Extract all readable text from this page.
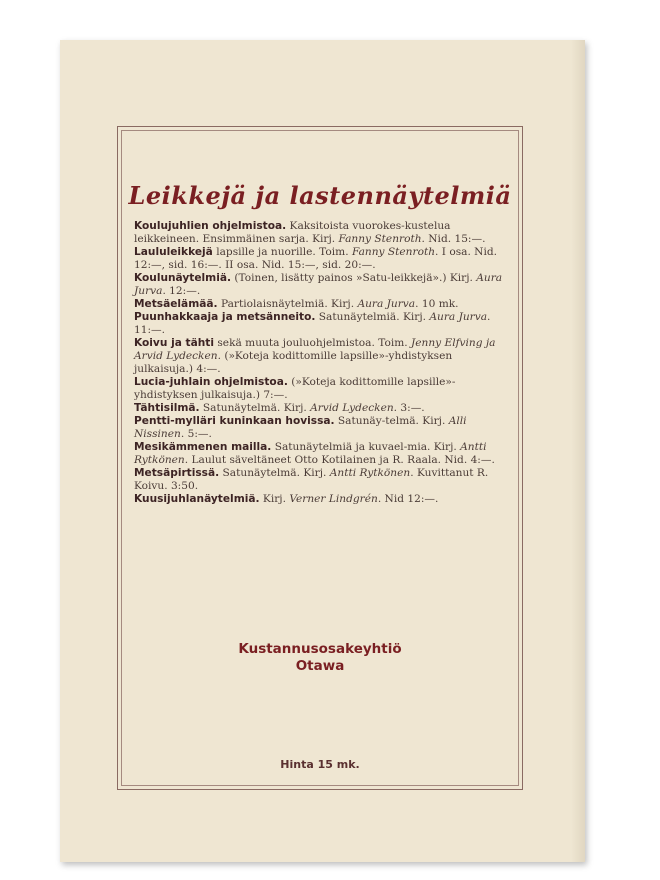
Leikkejä ja lastennäytelmiä
Koulujuhlien ohjelmistoa. Kaksitoista vuorokes-kustelua leikkeineen. Ensimmäinen sarja. Kirj. Fanny Stenroth. Nid. 15:—.
Laululeikkejä lapsille ja nuorille. Toim. Fanny Stenroth. I osa. Nid. 12:—, sid. 16:—. II osa. Nid. 15:—, sid. 20:—.
Koulunäytelmiä. (Toinen, lisätty painos »Satu-leikkejä».) Kirj. Aura Jurva. 12:—.
Metsäelämää. Partiolaisnäytelmiä. Kirj. Aura Jurva. 10 mk.
Puunhakkaaja ja metsänneito. Satunäytelmiä. Kirj. Aura Jurva. 11:—.
Koivu ja tähti sekä muuta jouluohjelmistoa. Toim. Jenny Elfving ja Arvid Lydecken. (»Koteja kodittomille lapsille»-yhdistyksen julkaisuja.) 4:—.
Lucia-juhlain ohjelmistoa. (»Koteja kodittomille lapsille»-yhdistyksen julkaisuja.) 7:—.
Tähtisilmä. Satunäytelmä. Kirj. Arvid Lydecken. 3:—.
Pentti-mylläri kuninkaan hovissa. Satunäy-telmä. Kirj. Alli Nissinen. 5:—.
Mesikämmenen mailla. Satunäytelmiä ja kuvael-mia. Kirj. Antti Rytkönen. Laulut säveltäneet Otto Kotilainen ja R. Raala. Nid. 4:—.
Metsäpirtissä. Satunäytelmä. Kirj. Antti Rytkönen. Kuvittanut R. Koivu. 3:50.
Kuusijuhlanäytelmiä. Kirj. Verner Lindgrén. Nid 12:—.
Kustannusosakeyhtiö
Otawa
Hinta 15 mk.
